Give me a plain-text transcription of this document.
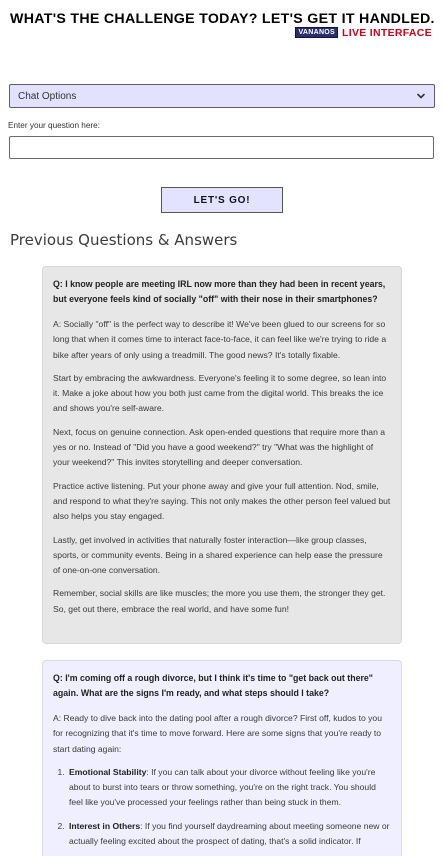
WHAT'S THE CHALLENGE TODAY? LET'S GET IT HANDLED.
VANANOS LIVE INTERFACE
Chat Options
Enter your question here:
LET'S GO!
Previous Questions & Answers
Q: I know people are meeting IRL now more than they had been in recent years, but everyone feels kind of socially "off" with their nose in their smartphones?

A: Socially "off" is the perfect way to describe it! We've been glued to our screens for so long that when it comes time to interact face-to-face, it can feel like we're trying to ride a bike after years of only using a treadmill. The good news? It's totally fixable.

Start by embracing the awkwardness. Everyone's feeling it to some degree, so lean into it. Make a joke about how you both just came from the digital world. This breaks the ice and shows you're self-aware.

Next, focus on genuine connection. Ask open-ended questions that require more than a yes or no. Instead of "Did you have a good weekend?" try "What was the highlight of your weekend?" This invites storytelling and deeper conversation.

Practice active listening. Put your phone away and give your full attention. Nod, smile, and respond to what they're saying. This not only makes the other person feel valued but also helps you stay engaged.

Lastly, get involved in activities that naturally foster interaction—like group classes, sports, or community events. Being in a shared experience can help ease the pressure of one-on-one conversation.

Remember, social skills are like muscles; the more you use them, the stronger they get. So, get out there, embrace the real world, and have some fun!

Q: I'm coming off a rough divorce, but I think it's time to "get back out there" again. What are the signs I'm ready, and what steps should I take?

A: Ready to dive back into the dating pool after a rough divorce? First off, kudos to you for recognizing that it's time to move forward. Here are some signs that you're ready to start dating again:

1. Emotional Stability: If you can talk about your divorce without feeling like you're about to burst into tears or throw something, you're on the right track. You should feel like you've processed your feelings rather than being stuck in them.
2. Interest in Others: If you find yourself daydreaming about meeting someone new or actually feeling excited about the prospect of dating, that's a solid indicator. If
